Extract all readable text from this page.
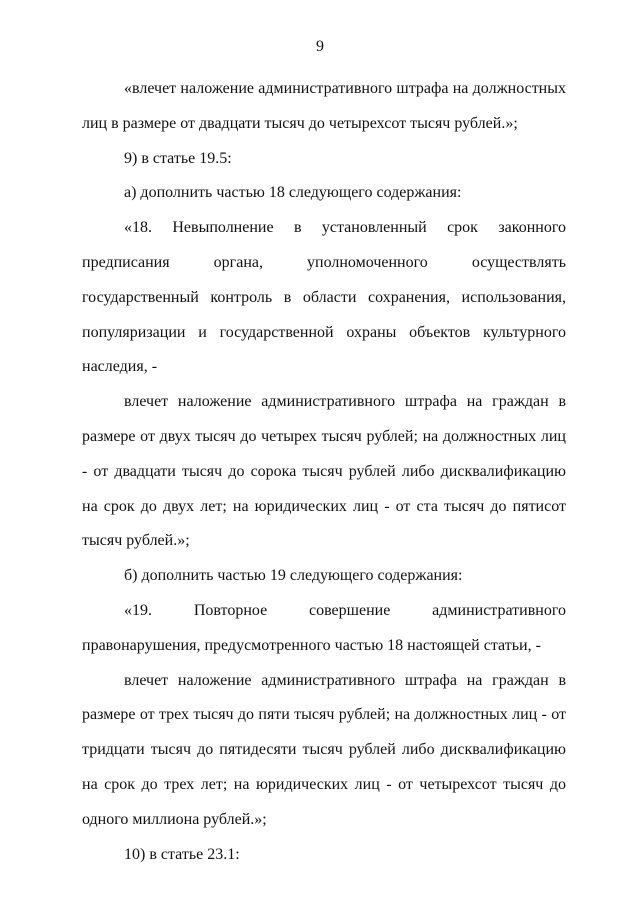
9

«влечет наложение административного штрафа на должностных лиц в размере от двадцати тысяч до четырехсот тысяч рублей.»;

9) в статье 19.5:

а) дополнить частью 18 следующего содержания:

«18. Невыполнение в установленный срок законного предписания органа, уполномоченного осуществлять государственный контроль в области сохранения, использования, популяризации и государственной охраны объектов культурного наследия, -

влечет наложение административного штрафа на граждан в размере от двух тысяч до четырех тысяч рублей; на должностных лиц - от двадцати тысяч до сорока тысяч рублей либо дисквалификацию на срок до двух лет; на юридических лиц - от ста тысяч до пятисот тысяч рублей.»;

б) дополнить частью 19 следующего содержания:

«19. Повторное совершение административного правонарушения, предусмотренного частью 18 настоящей статьи, -

влечет наложение административного штрафа на граждан в размере от трех тысяч до пяти тысяч рублей; на должностных лиц - от тридцати тысяч до пятидесяти тысяч рублей либо дисквалификацию на срок до трех лет; на юридических лиц - от четырехсот тысяч до одного миллиона рублей.»;

10) в статье 23.1:
